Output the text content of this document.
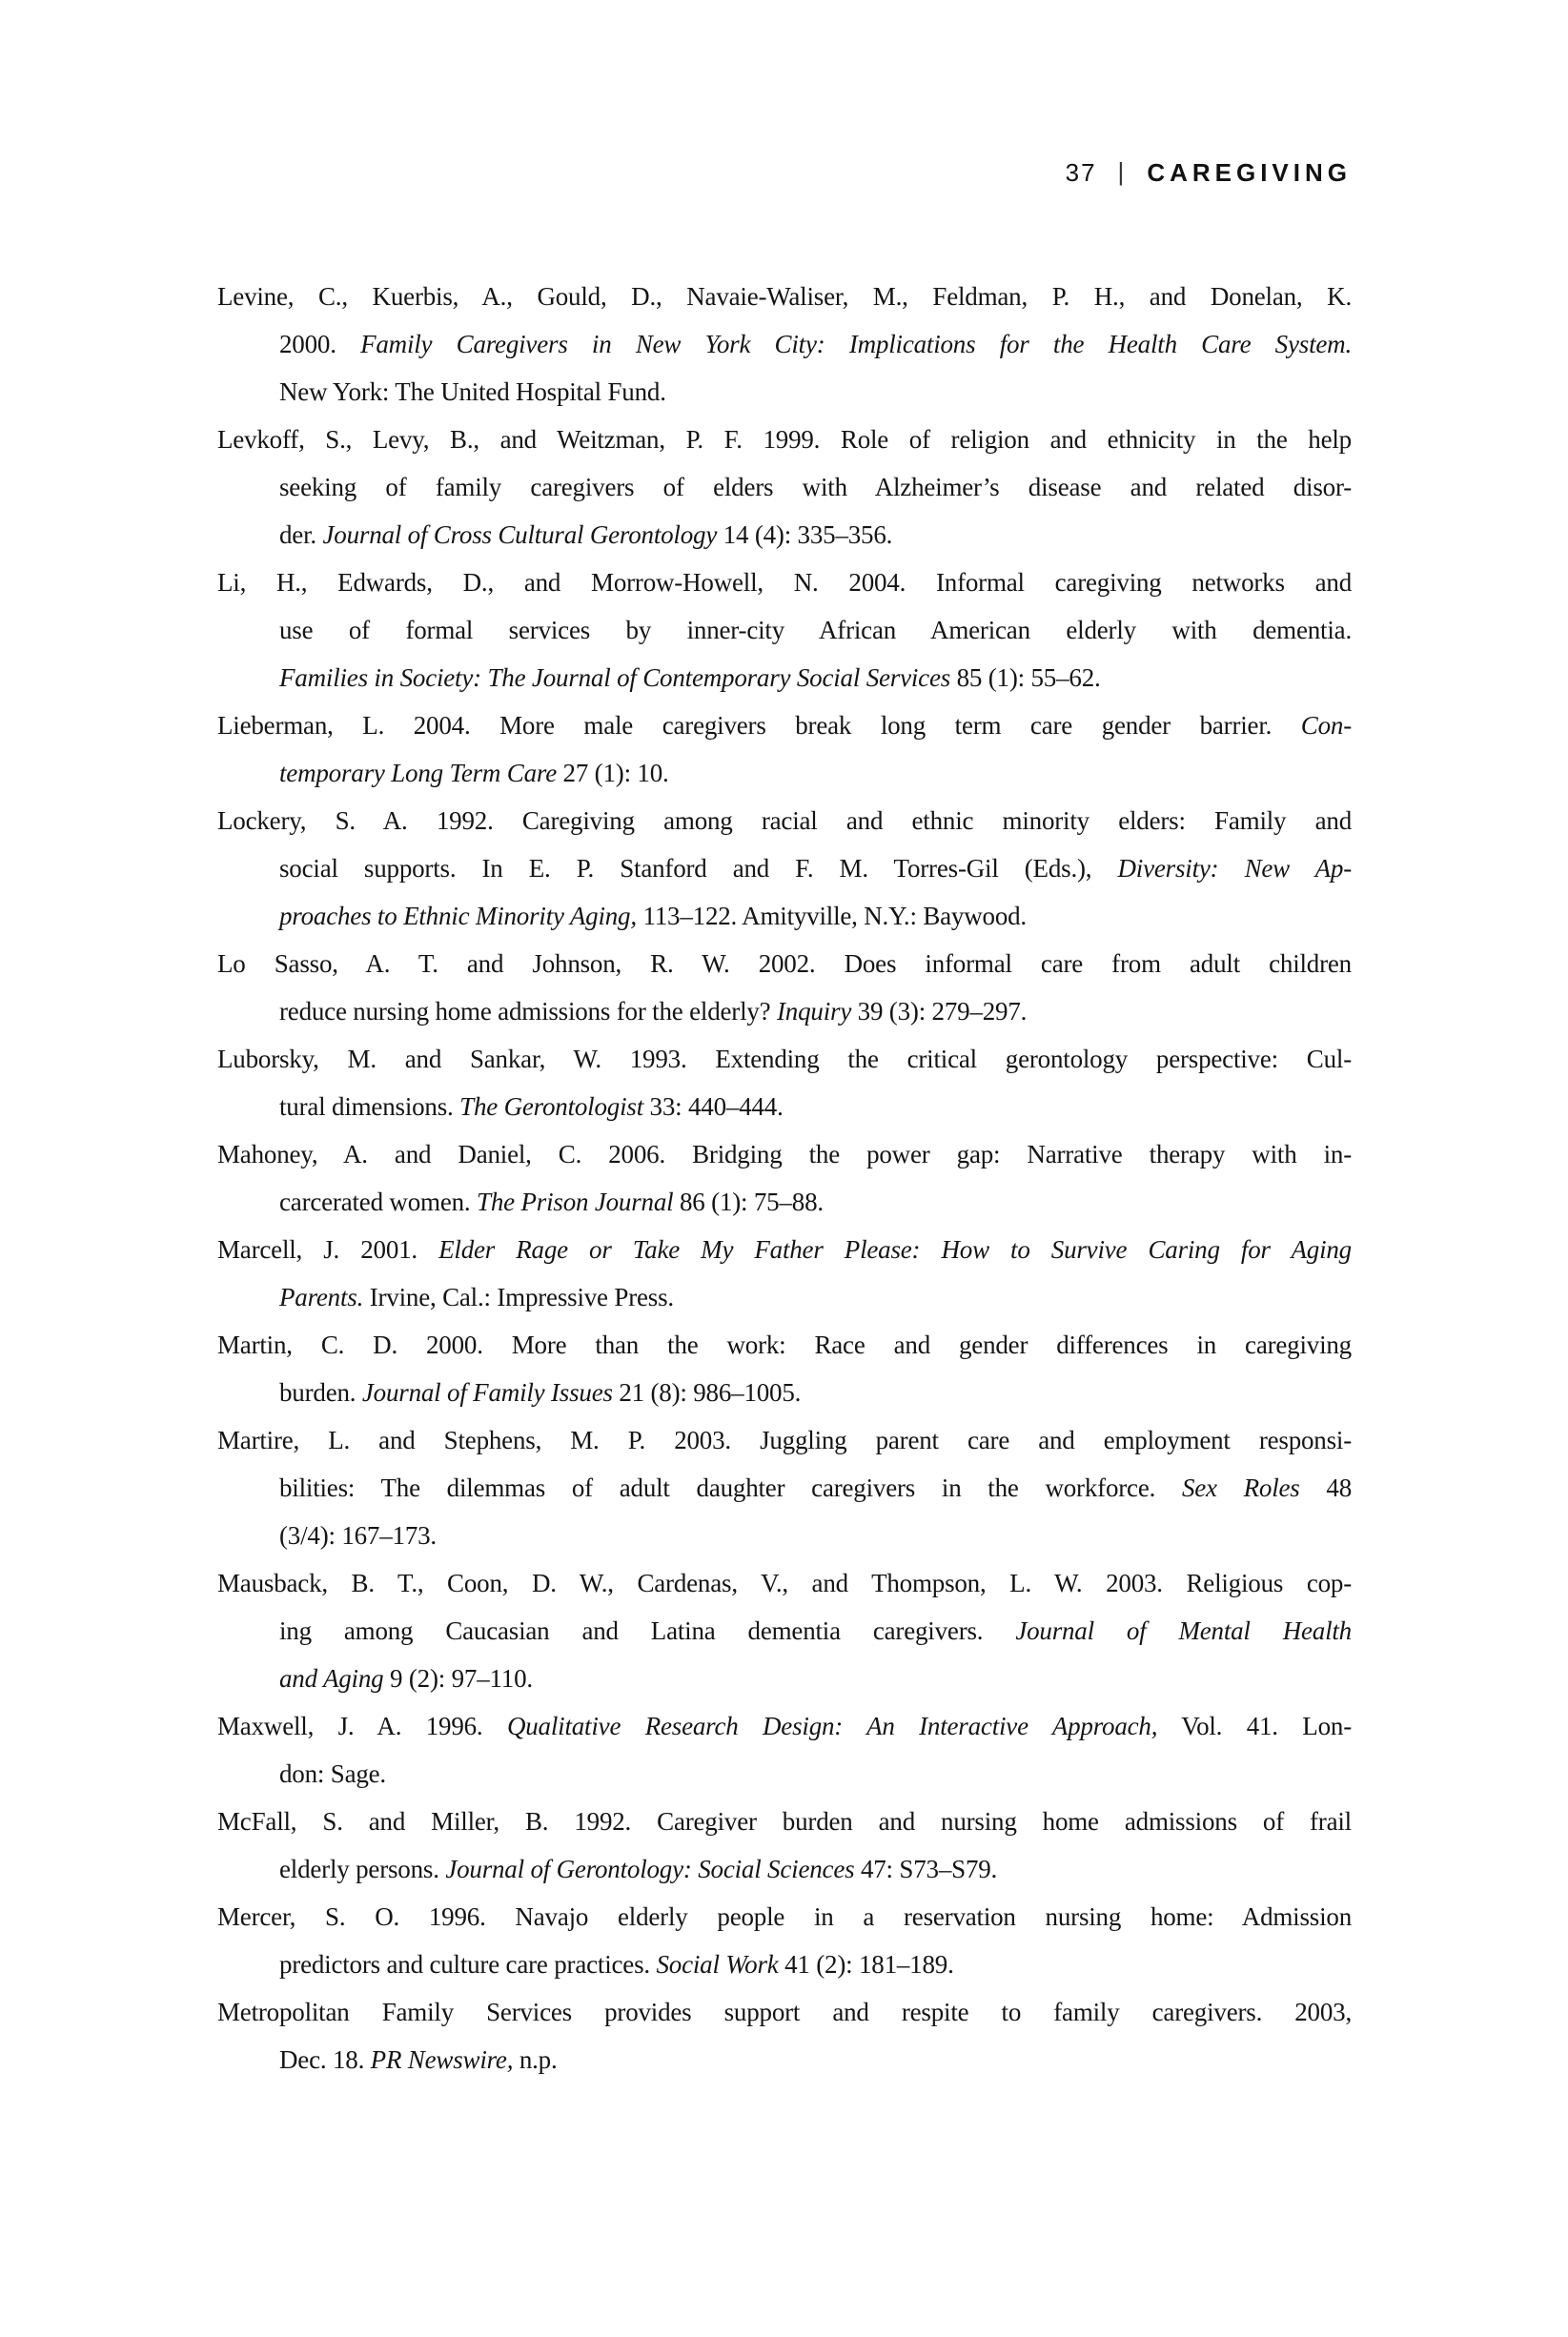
37 | CAREGIVING
Levine, C., Kuerbis, A., Gould, D., Navaie-Waliser, M., Feldman, P. H., and Donelan, K.
2000. Family Caregivers in New York City: Implications for the Health Care System.
New York: The United Hospital Fund.
Levkoff, S., Levy, B., and Weitzman, P. F. 1999. Role of religion and ethnicity in the help
seeking of family caregivers of elders with Alzheimer’s disease and related disor-
der. Journal of Cross Cultural Gerontology 14 (4): 335–356.
Li, H., Edwards, D., and Morrow-Howell, N. 2004. Informal caregiving networks and
use of formal services by inner-city African American elderly with dementia.
Families in Society: The Journal of Contemporary Social Services 85 (1): 55–62.
Lieberman, L. 2004. More male caregivers break long term care gender barrier. Con-
temporary Long Term Care 27 (1): 10.
Lockery, S. A. 1992. Caregiving among racial and ethnic minority elders: Family and
social supports. In E. P. Stanford and F. M. Torres-Gil (Eds.), Diversity: New Ap-
proaches to Ethnic Minority Aging, 113–122. Amityville, N.Y.: Baywood.
Lo Sasso, A. T. and Johnson, R. W. 2002. Does informal care from adult children
reduce nursing home admissions for the elderly? Inquiry 39 (3): 279–297.
Luborsky, M. and Sankar, W. 1993. Extending the critical gerontology perspective: Cul-
tural dimensions. The Gerontologist 33: 440–444.
Mahoney, A. and Daniel, C. 2006. Bridging the power gap: Narrative therapy with in-
carcerated women. The Prison Journal 86 (1): 75–88.
Marcell, J. 2001. Elder Rage or Take My Father Please: How to Survive Caring for Aging
Parents. Irvine, Cal.: Impressive Press.
Martin, C. D. 2000. More than the work: Race and gender differences in caregiving
burden. Journal of Family Issues 21 (8): 986–1005.
Martire, L. and Stephens, M. P. 2003. Juggling parent care and employment responsi-
bilities: The dilemmas of adult daughter caregivers in the workforce. Sex Roles 48
(3/4): 167–173.
Mausback, B. T., Coon, D. W., Cardenas, V., and Thompson, L. W. 2003. Religious cop-
ing among Caucasian and Latina dementia caregivers. Journal of Mental Health
and Aging 9 (2): 97–110.
Maxwell, J. A. 1996. Qualitative Research Design: An Interactive Approach, Vol. 41. Lon-
don: Sage.
McFall, S. and Miller, B. 1992. Caregiver burden and nursing home admissions of frail
elderly persons. Journal of Gerontology: Social Sciences 47: S73–S79.
Mercer, S. O. 1996. Navajo elderly people in a reservation nursing home: Admission
predictors and culture care practices. Social Work 41 (2): 181–189.
Metropolitan Family Services provides support and respite to family caregivers. 2003,
Dec. 18. PR Newswire, n.p.
